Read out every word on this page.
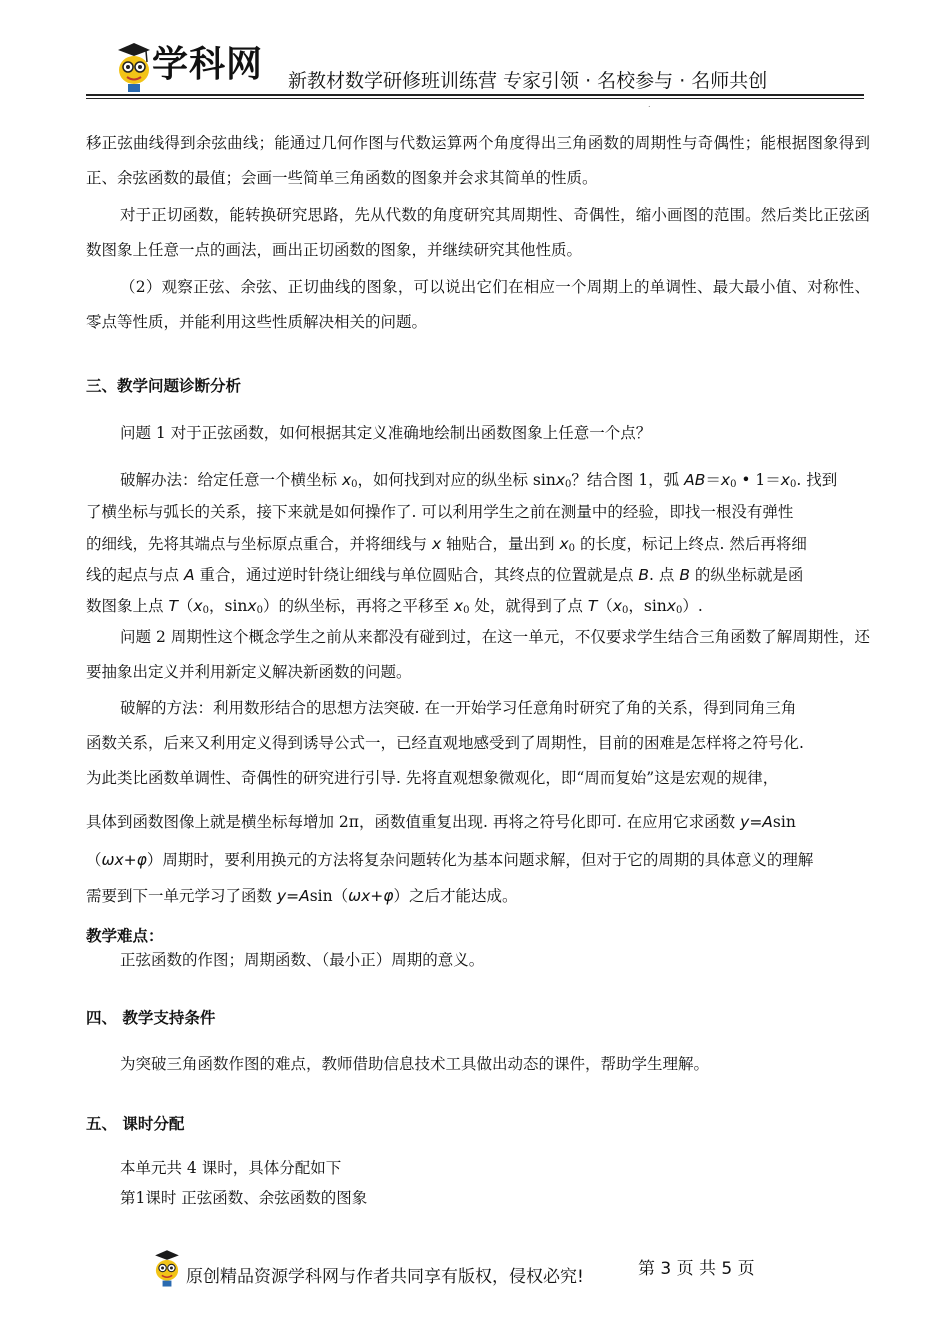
学科网 新教材数学研修班训练营 专家引领 · 名校参与 · 名师共创
.
移正弦曲线得到余弦曲线；能通过几何作图与代数运算两个角度得出三角函数的周期性与奇偶性；能根据图象得到正、余弦函数的最值；会画一些简单三角函数的图象并会求其简单的性质。
对于正切函数，能转换研究思路，先从代数的角度研究其周期性、奇偶性，缩小画图的范围。然后类比正弦函数图象上任意一点的画法，画出正切函数的图象，并继续研究其他性质。
（2）观察正弦、余弦、正切曲线的图象，可以说出它们在相应一个周期上的单调性、最大最小值、对称性、零点等性质，并能利用这些性质解决相关的问题。
三、教学问题诊断分析
问题 1 对于正弦函数，如何根据其定义准确地绘制出函数图象上任意一个点？
破解办法：给定任意一个横坐标 $x_0$，如何找到对应的纵坐标 sinx$_0$？结合图 1，弧 $AB=x_0$ • $1=x_0$. 找到
了横坐标与弧长的关系，接下来就是如何操作了. 可以利用学生之前在测量中的经验，即找一根没有弹性
的细线，先将其端点与坐标原点重合，并将细线与 x 轴贴合，量出到 $x_0$ 的长度，标记上终点. 然后再将细
线的起点与点 A 重合，通过逆时针绕让细线与单位圆贴合，其终点的位置就是点 B. 点 B 的纵坐标就是函
数图象上点 $T(x_0$，sinx$_0$）的纵坐标，再将之平移至 $x_0$ 处，就得到了点 $T(x_0$，sinx$_0$）.
问题 2 周期性这个概念学生之前从来都没有碰到过，在这一单元，不仅要求学生结合三角函数了解周期性，还要抽象出定义并利用新定义解决新函数的问题。
破解的方法：利用数形结合的思想方法突破. 在一开始学习任意角时研究了角的关系，得到同角三角
函数关系，后来又利用定义得到诱导公式一，已经直观地感受到了周期性，目前的困难是怎样将之符号化.
为此类比函数单调性、奇偶性的研究进行引导. 先将直观想象微观化，即“周而复始”这是宏观的规律，
具体到函数图像上就是横坐标每增加 2π，函数值重复出现. 再将之符号化即可. 在应用它求函数 y=Asin
（ωx+φ）周期时，要利用换元的方法将复杂问题转化为基本问题求解，但对于它的周期的具体意义的理解
需要到下一单元学习了函数 y=Asin（ωx+φ）之后才能达成。
教学难点：
正弦函数的作图；周期函数、（最小正）周期的意义。
四、 教学支持条件
为突破三角函数作图的难点，教师借助信息技术工具做出动态的课件，帮助学生理解。
五、 课时分配
本单元共 4 课时，具体分配如下
第1课时 正弦函数、余弦函数的图象
原创精品资源学科网与作者共同享有版权，侵权必究!	第 3 页 共 5 页
